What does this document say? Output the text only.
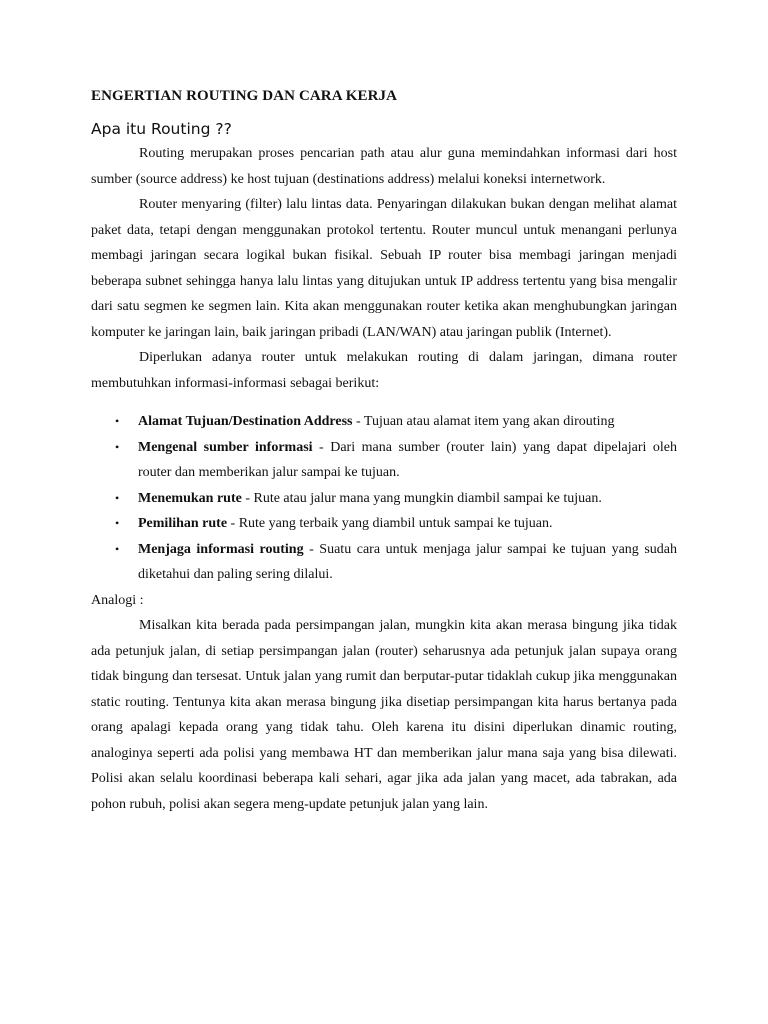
ENGERTIAN ROUTING DAN CARA KERJA
Apa itu Routing ??

Routing merupakan proses pencarian path atau alur guna memindahkan informasi dari host sumber (source address) ke host tujuan (destinations address) melalui koneksi internetwork.

Router menyaring (filter) lalu lintas data. Penyaringan dilakukan bukan dengan melihat alamat paket data, tetapi dengan menggunakan protokol tertentu. Router muncul untuk menangani perlunya membagi jaringan secara logikal bukan fisikal. Sebuah IP router bisa membagi jaringan menjadi beberapa subnet sehingga hanya lalu lintas yang ditujukan untuk IP address tertentu yang bisa mengalir dari satu segmen ke segmen lain. Kita akan menggunakan router ketika akan menghubungkan jaringan komputer ke jaringan lain, baik jaringan pribadi (LAN/WAN) atau jaringan publik (Internet).

Diperlukan adanya router untuk melakukan routing di dalam jaringan, dimana router membutuhkan informasi-informasi sebagai berikut:

• Alamat Tujuan/Destination Address - Tujuan atau alamat item yang akan dirouting
• Mengenal sumber informasi - Dari mana sumber (router lain) yang dapat dipelajari oleh router dan memberikan jalur sampai ke tujuan.
• Menemukan rute - Rute atau jalur mana yang mungkin diambil sampai ke tujuan.
• Pemilihan rute - Rute yang terbaik yang diambil untuk sampai ke tujuan.
• Menjaga informasi routing - Suatu cara untuk menjaga jalur sampai ke tujuan yang sudah diketahui dan paling sering dilalui.

Analogi :

Misalkan kita berada pada persimpangan jalan, mungkin kita akan merasa bingung jika tidak ada petunjuk jalan, di setiap persimpangan jalan (router) seharusnya ada petunjuk jalan supaya orang tidak bingung dan tersesat. Untuk jalan yang rumit dan berputar-putar tidaklah cukup jika menggunakan static routing. Tentunya kita akan merasa bingung jika disetiap persimpangan kita harus bertanya pada orang apalagi kepada orang yang tidak tahu. Oleh karena itu disini diperlukan dinamic routing, analoginya seperti ada polisi yang membawa HT dan memberikan jalur mana saja yang bisa dilewati. Polisi akan selalu koordinasi beberapa kali sehari, agar jika ada jalan yang macet, ada tabrakan, ada pohon rubuh, polisi akan segera meng-update petunjuk jalan yang lain.
